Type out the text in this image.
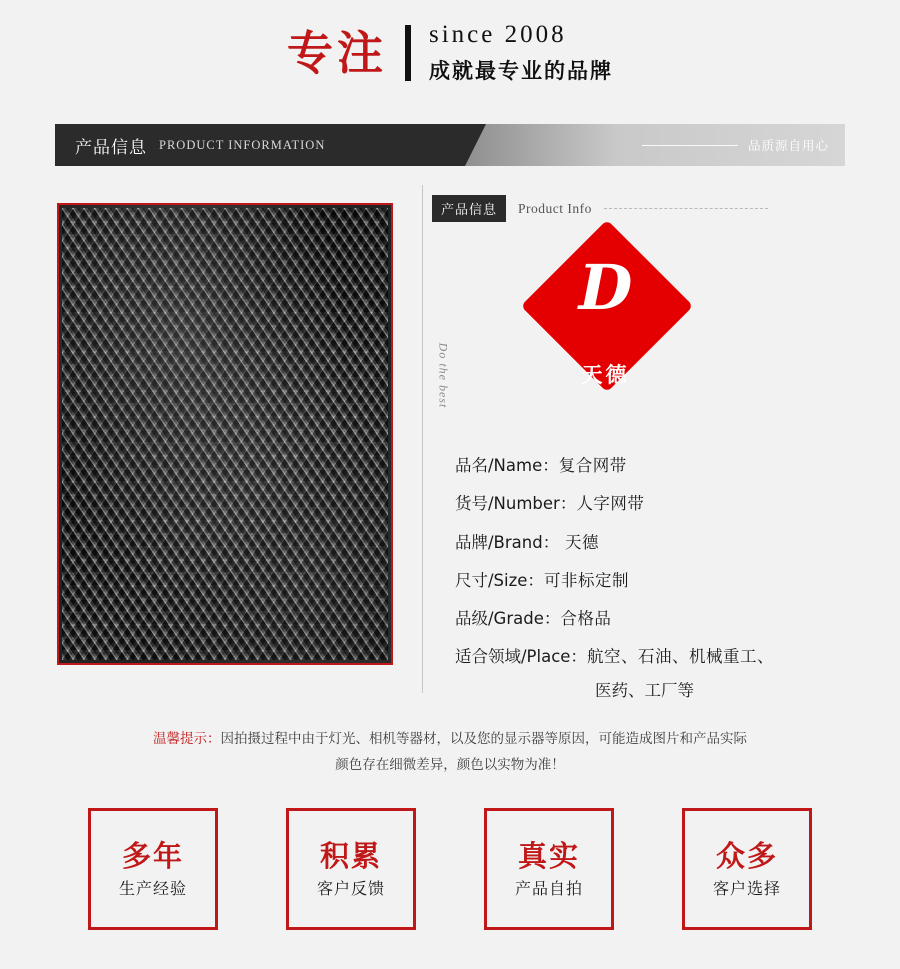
专注 since 2008
成就最专业的品牌
产品信息 PRODUCT INFORMATION	品质源自用心
Do the best
产品信息	Product Info
D
天德
品名/Name：复合网带
货号/Number：人字网带
品牌/Brand： 天德
尺寸/Size：可非标定制
品级/Grade：合格品
适合领域/Place：航空、石油、机械重工、
医药、工厂等
温馨提示：因拍摄过程中由于灯光、相机等器材，以及您的显示器等原因，可能造成图片和产品实际
颜色存在细微差异，颜色以实物为准！
多年
生产经验
积累
客户反馈
真实
产品自拍
众多
客户选择
